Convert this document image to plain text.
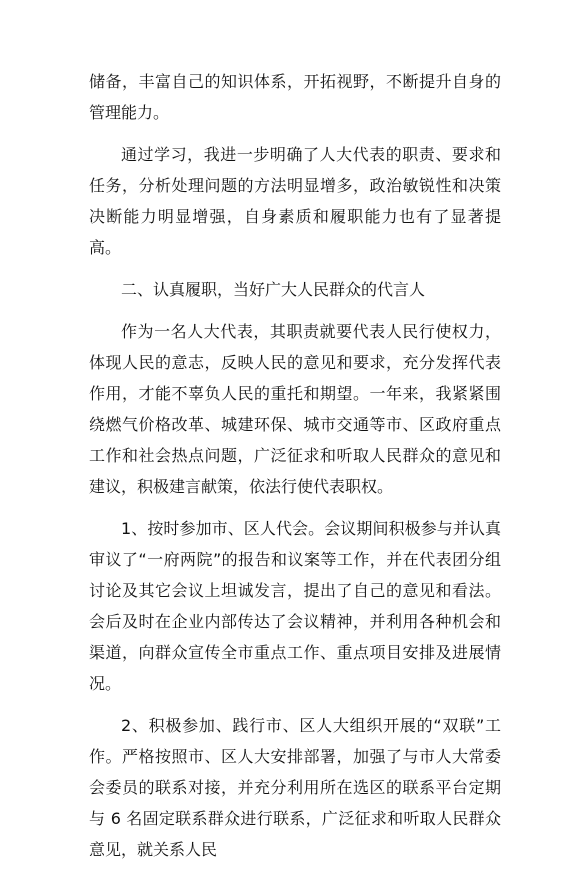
储备，丰富自己的知识体系，开拓视野，不断提升自身的管理能力。

通过学习，我进一步明确了人大代表的职责、要求和任务，分析处理问题的方法明显增多，政治敏锐性和决策决断能力明显增强，自身素质和履职能力也有了显著提高。

二、认真履职，当好广大人民群众的代言人

作为一名人大代表，其职责就要代表人民行使权力，体现人民的意志，反映人民的意见和要求，充分发挥代表作用，才能不辜负人民的重托和期望。一年来，我紧紧围绕燃气价格改革、城建环保、城市交通等市、区政府重点工作和社会热点问题，广泛征求和听取人民群众的意见和建议，积极建言献策，依法行使代表职权。

1、按时参加市、区人代会。会议期间积极参与并认真审议了“一府两院”的报告和议案等工作，并在代表团分组讨论及其它会议上坦诚发言，提出了自己的意见和看法。会后及时在企业内部传达了会议精神，并利用各种机会和渠道，向群众宣传全市重点工作、重点项目安排及进展情况。

2、积极参加、践行市、区人大组织开展的“双联”工作。严格按照市、区人大安排部署，加强了与市人大常委会委员的联系对接，并充分利用所在选区的联系平台定期与 6 名固定联系群众进行联系，广泛征求和听取人民群众意见，就关系人民
